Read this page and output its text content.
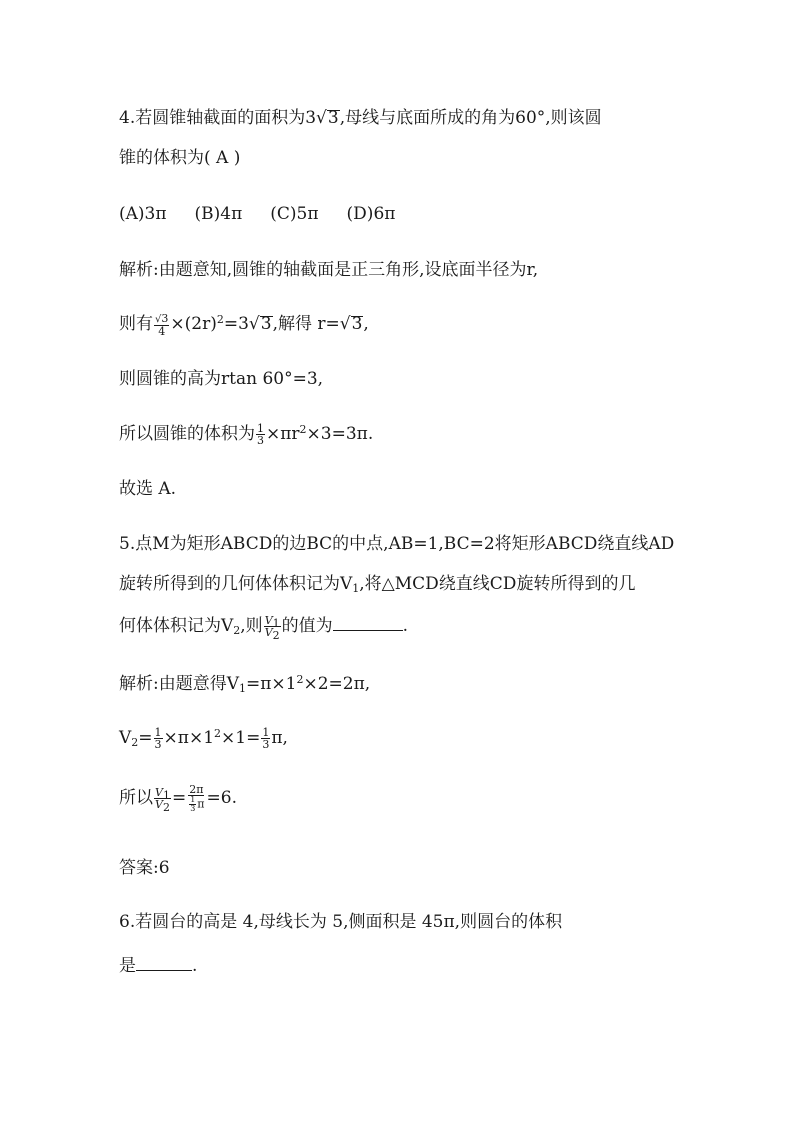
4.若圆锥轴截面的面积为3√3,母线与底面所成的角为60°,则该圆
锥的体积为( A )
(A)3π (B)4π (C)5π (D)6π
解析:由题意知,圆锥的轴截面是正三角形,设底面半径为r,
则有 $\frac{√3}{4} \times(2r)^2=3√3$,解得 r=√3,
则圆锥的高为rtan 60°=3,
所以圆锥的体积为 $\frac{1}{3} \times\pi r^2\times 3=3\pi$.
故选 A.
5.点M为矩形ABCD的边BC的中点,AB=1,BC=2将矩形ABCD绕直线AD
旋转所得到的几何体体积记为$V_1$,将△MCD绕直线CD旋转所得到的几
何体体积记为$V_2$,则 $\frac{V_1}{V_2}$ 的值为	.
解析:由题意得$V_1=\pi\times 1^2\times 2=2\pi$,
$V_2= \frac{1}{3} \times\pi\times 1^2\times 1= \frac{1}{3} \pi$,
所以 $\frac{V_1}{V_2} = \frac{2\pi}{\frac{1}{3} \pi} =6$.
答案:6
6.若圆台的高是 4,母线长为 5,侧面积是 45π,则圆台的体积
是	.
